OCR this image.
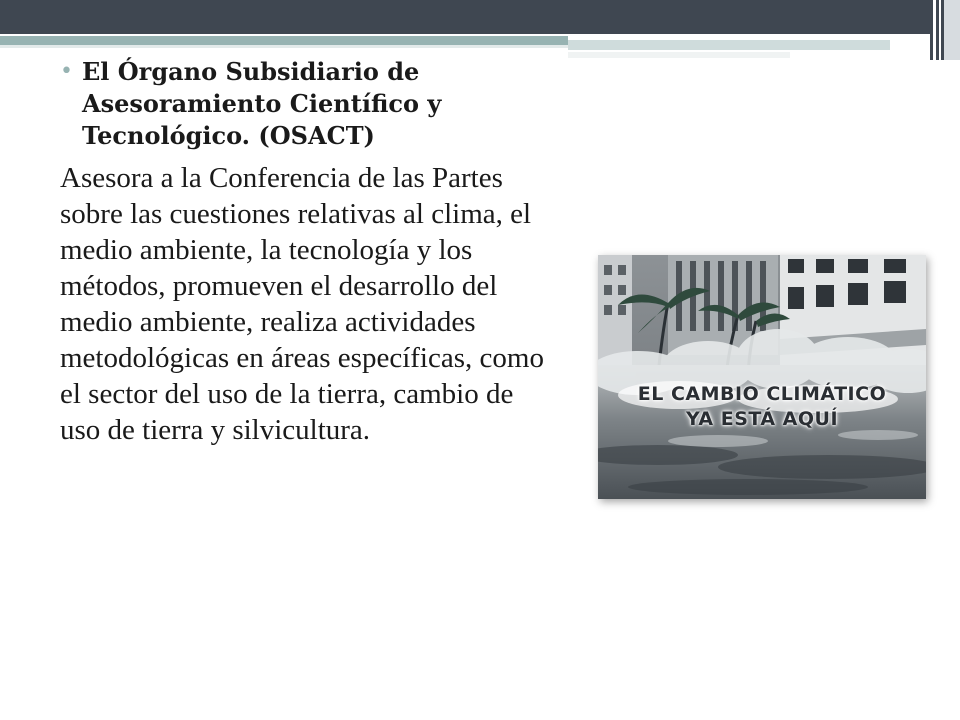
• El Órgano Subsidiario de Asesoramiento Científico y Tecnológico. (OSACT)

Asesora a la Conferencia de las Partes sobre las cuestiones relativas al clima, el medio ambiente, la tecnología y los métodos, promueven el desarrollo del medio ambiente, realiza actividades metodológicas en áreas específicas, como el sector del uso de la tierra, cambio de uso de tierra y silvicultura.

EL CAMBIO CLIMÁTICO
YA ESTÁ AQUÍ
